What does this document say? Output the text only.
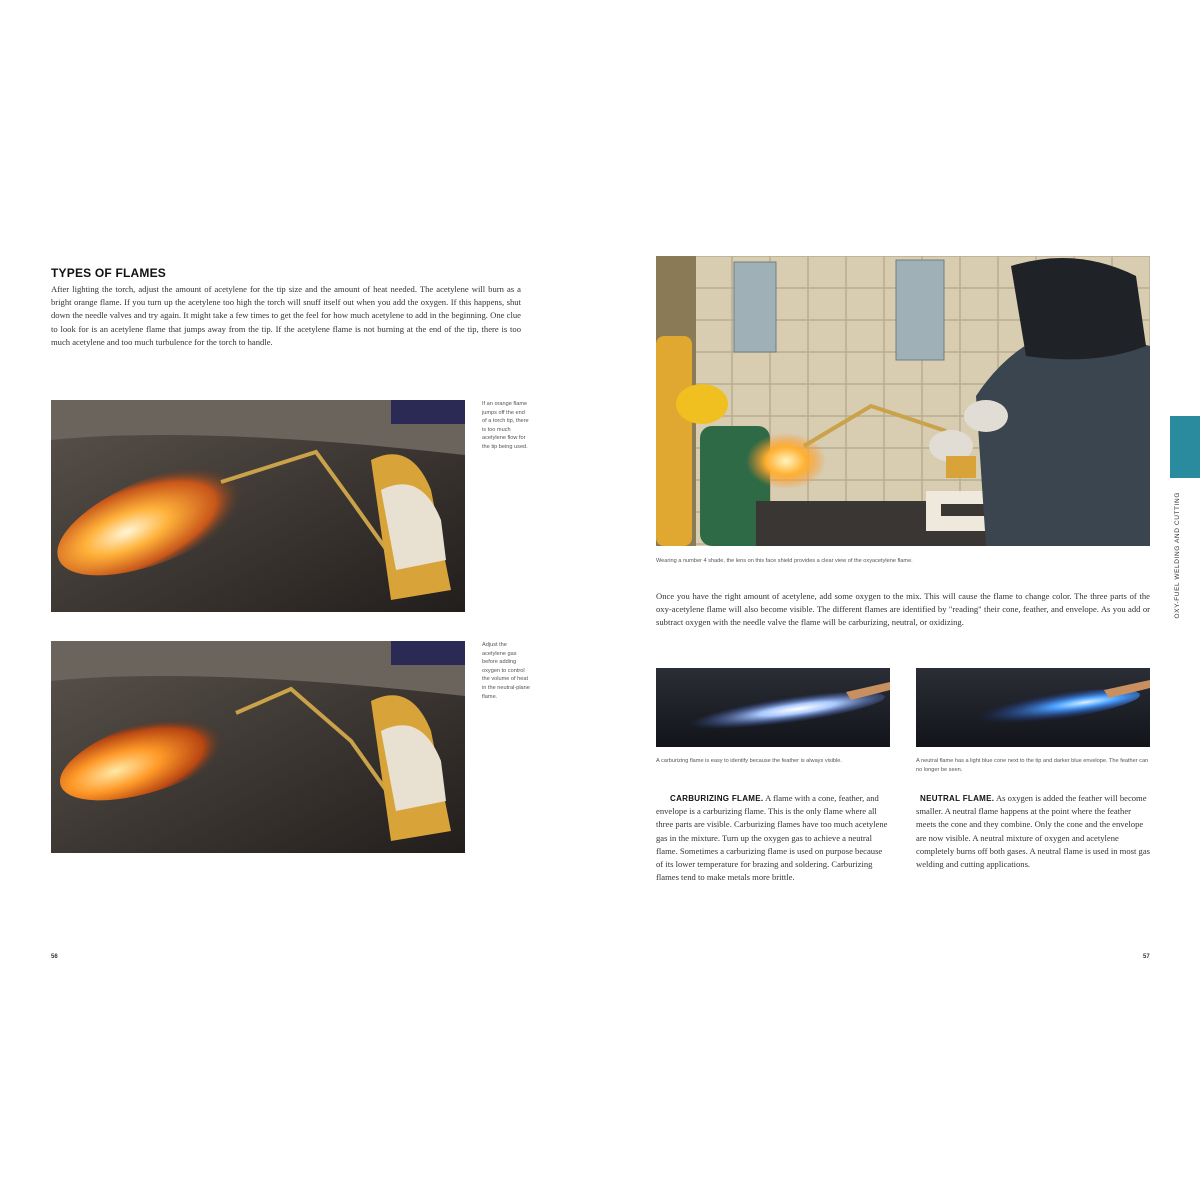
TYPES OF FLAMES
After lighting the torch, adjust the amount of acetylene for the tip size and the amount of heat needed. The acetylene will burn as a bright orange flame. If you turn up the acetylene too high the torch will snuff itself out when you add the oxygen. If this happens, shut down the needle valves and try again. It might take a few times to get the feel for how much acetylene to add in the beginning. One clue to look for is an acetylene flame that jumps away from the tip. If the acetylene flame is not burning at the end of the tip, there is too much acetylene and too much turbulence for the torch to handle.
If an orange flame jumps off the end of a torch tip, there is too much acetylene flow for the tip being used.
Adjust the acetylene gas before adding oxygen to control the volume of heat in the neutral-plane flame.
56
Wearing a number 4 shade, the lens on this face shield provides a clear view of the oxyacetylene flame.
Once you have the right amount of acetylene, add some oxygen to the mix. This will cause the flame to change color. The three parts of the oxy-acetylene flame will also become visible. The different flames are identified by "reading" their cone, feather, and envelope. As you add or subtract oxygen with the needle valve the flame will be carburizing, neutral, or oxidizing.
A carburizing flame is easy to identify because the feather is always visible.	A neutral flame has a light blue cone next to the tip and darker blue envelope. The feather can no longer be seen.
CARBURIZING FLAME. A flame with a cone, feather, and envelope is a carburizing flame. This is the only flame where all three parts are visible. Carburizing flames have too much acetylene gas in the mixture. Turn up the oxygen gas to achieve a neutral flame. Sometimes a carburizing flame is used on purpose because of its lower temperature for brazing and soldering. Carburizing flames tend to make metals more brittle.
NEUTRAL FLAME. As oxygen is added the feather will become smaller. A neutral flame happens at the point where the feather meets the cone and they combine. Only the cone and the envelope are now visible. A neutral mixture of oxygen and acetylene completely burns off both gases. A neutral flame is used in most gas welding and cutting applications.
57
OXY-FUEL WELDING AND CUTTING
